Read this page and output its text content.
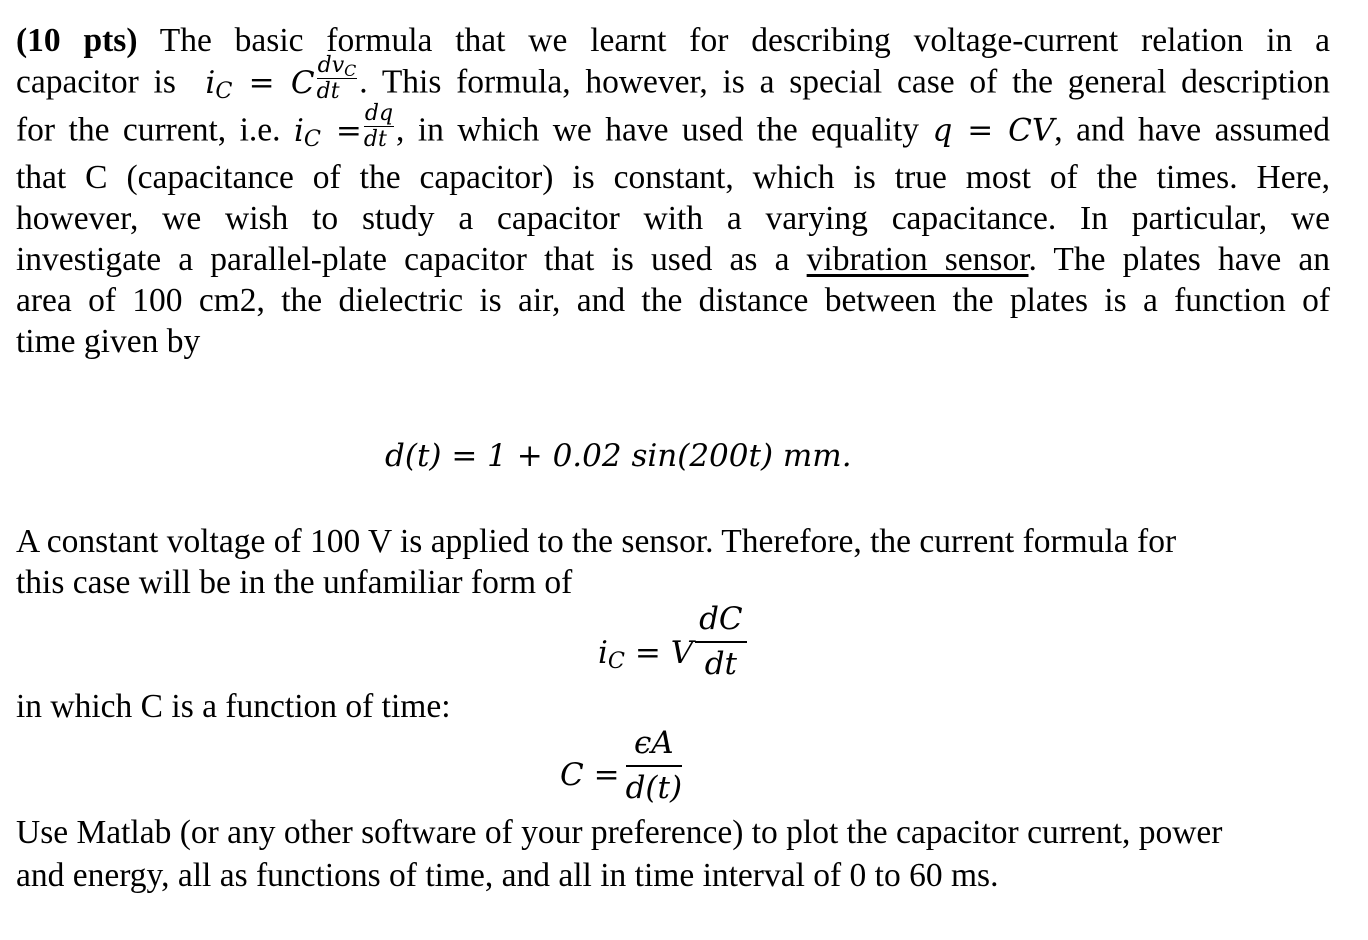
(10 pts) The basic formula that we learnt for describing voltage-current relation in a
capacitor is iC = C $\frac{\text{dvC}}{dt}$ . This formula, however, is a special case of the general description
for the current, i.e. iC = $\frac{dq}{dt}$ , in which we have used the equality q = CV, and have assumed
that C (capacitance of the capacitor) is constant, which is true most of the times. Here,
however, we wish to study a capacitor with a varying capacitance. In particular, we
investigate a parallel-plate capacitor that is used as a vibration sensor. The plates have an
area of 100 cm2, the dielectric is air, and the distance between the plates is a function of
time given by

d(t) = 1 + 0.02 sin(200t) mm.
A constant voltage of 100 V is applied to the sensor. Therefore, the current formula for
this case will be in the unfamiliar form of
iC = V $\frac{dC}{dt}$
in which C is a function of time:
$C = \frac{\epsilon A}{d(t)}$
Use Matlab (or any other software of your preference) to plot the capacitor current, power
and energy, all as functions of time, and all in time interval of 0 to 60 ms.
